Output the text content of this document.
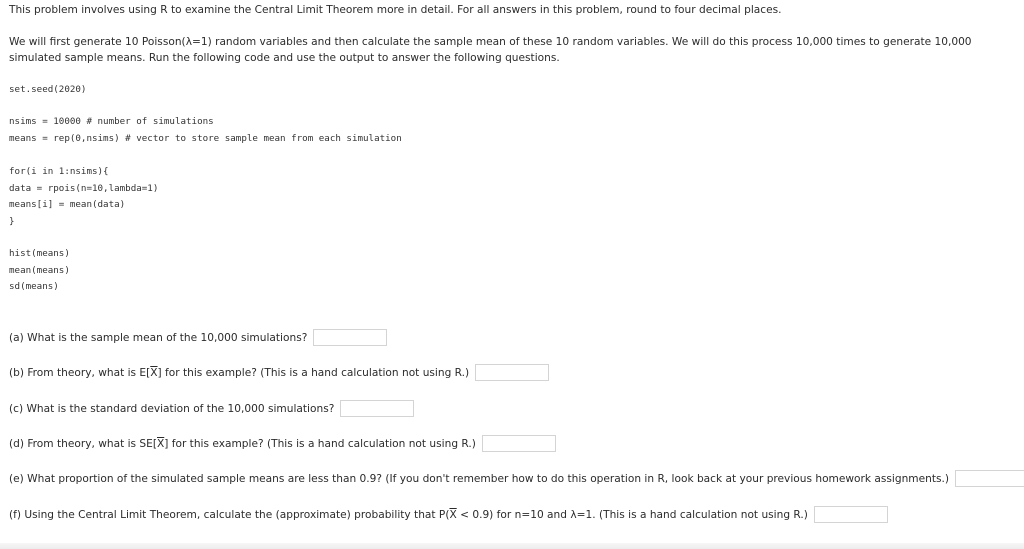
This problem involves using R to examine the Central Limit Theorem more in detail. For all answers in this problem, round to four decimal places.
We will first generate 10 Poisson(λ=1) random variables and then calculate the sample mean of these 10 random variables. We will do this process 10,000 times to generate 10,000 simulated sample means. Run the following code and use the output to answer the following questions.
set.seed(2020)
nsims = 10000 # number of simulations
means = rep(0,nsims) # vector to store sample mean from each simulation
for(i in 1:nsims){
data = rpois(n=10,lambda=1)
means[i] = mean(data)
}
hist(means)
mean(means)
sd(means)
(a) What is the sample mean of the 10,000 simulations?
(b) From theory, what is $E[\overline{X}]$ for this example? (This is a hand calculation not using R.)
(c) What is the standard deviation of the 10,000 simulations?
(d) From theory, what is $SE[\overline{X}]$ for this example? (This is a hand calculation not using R.)
(e) What proportion of the simulated sample means are less than 0.9? (If you don't remember how to do this operation in R, look back at your previous homework assignments.)
(f) Using the Central Limit Theorem, calculate the (approximate) probability that $P(\overline{X} < 0.9)$ for n=10 and λ=1. (This is a hand calculation not using R.)
